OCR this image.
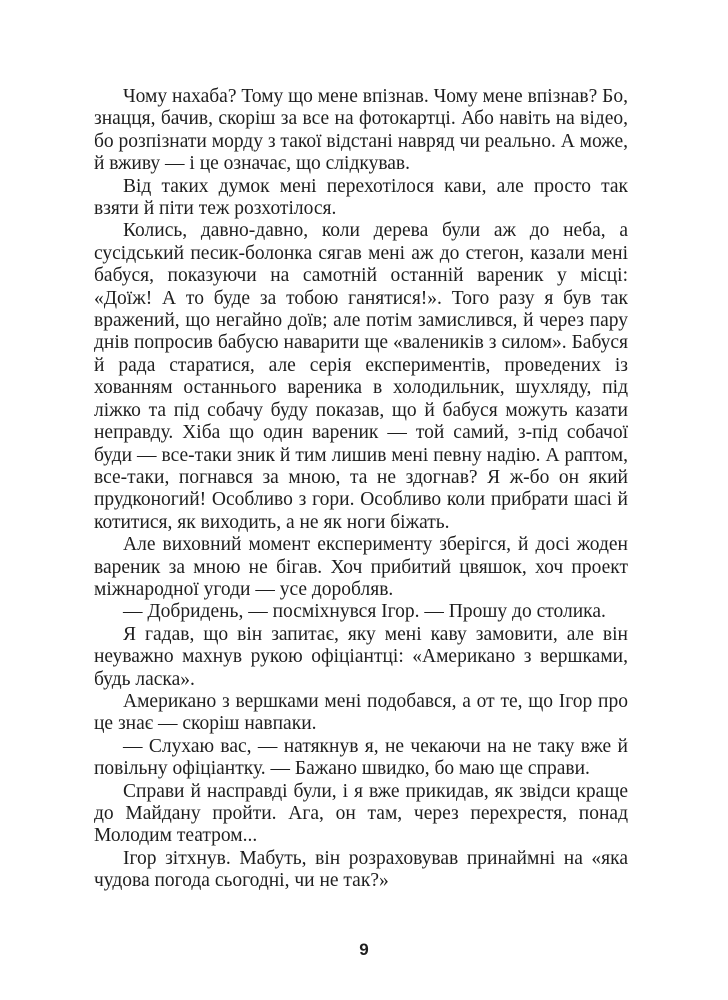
Чому нахаба? Тому що мене впізнав. Чому мене впізнав? Бо, знацця, бачив, скоріш за все на фотокартці. Або навіть на відео, бо розпізнати морду з такої відстані навряд чи реально. А може, й вживу — і це означає, що слідкував.

Від таких думок мені перехотілося кави, але просто так взяти й піти теж розхотілося.

Колись, давно-давно, коли дерева були аж до неба, а сусідський песик-болонка сягав мені аж до стегон, казали мені бабуся, показуючи на самотній останній вареник у місці: «Доїж! А то буде за тобою ганятися!». Того разу я був так вражений, що негайно доїв; але потім замислився, й через пару днів попросив бабусю наварити ще «валеників з силом». Бабуся й рада старатися, але серія експериментів, проведених із хованням останнього вареника в холодильник, шухляду, під ліжко та під собачу буду показав, що й бабуся можуть казати неправду. Хіба що один вареник — той самий, з-під собачої буди — все-таки зник й тим лишив мені певну надію. А раптом, все-таки, погнався за мною, та не здогнав? Я ж-бо он який прудконогий! Особливо з гори. Особливо коли прибрати шасі й котитися, як виходить, а не як ноги біжать.

Але виховний момент експерименту зберігся, й досі жоден вареник за мною не бігав. Хоч прибитий цвяшок, хоч проект міжнародної угоди — усе доробляв.

— Добридень, — посміхнувся Ігор. — Прошу до столика.

Я гадав, що він запитає, яку мені каву замовити, але він неуважно махнув рукою офіціантці: «Американо з вершками, будь ласка».

Американо з вершками мені подобався, а от те, що Ігор про це знає — скоріш навпаки.

— Слухаю вас, — натякнув я, не чекаючи на не таку вже й повільну офіціантку. — Бажано швидко, бо маю ще справи.

Справи й насправді були, і я вже прикидав, як звідси краще до Майдану пройти. Ага, он там, через перехрестя, понад Молодим театром...

Ігор зітхнув. Мабуть, він розраховував принаймні на «яка чудова погода сьогодні, чи не так?»

9
